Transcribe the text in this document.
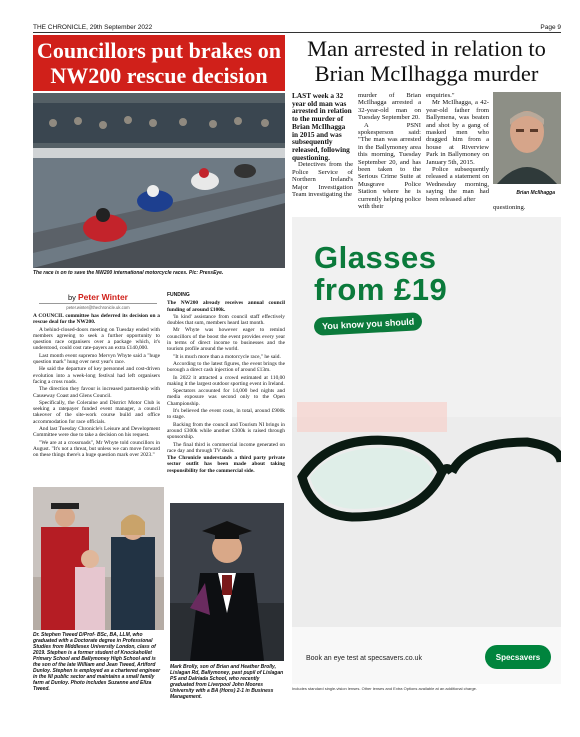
THE CHRONICLE, 29th September 2022	Page 9
Councillors put brakes on NW200 rescue decision
The race is on to save the NW200 international motorcycle races. Pic: PressEye.
by Peter Winter
peter.winter@thechronicle.uk.com

A COUNCIL committee has deferred its decision on a rescue deal for the NW200.

A behind-closed-doors meeting on Tuesday ended with members agreeing to seek a further opportunity to question race organisers over a package which, it's understood, could cost rate-payers an extra £140,000.

Last month event supremo Mervyn Whyte said a "huge question mark" hung over next year's race.

He said the departure of key personnel and cost-driven evolution into a week-long festival had left organisers facing a cross roads.

The direction they favour is increased partnership with Causeway Coast and Glens Council.

Specifically, the Coleraine and District Motor Club is seeking a ratepayer funded event manager, a council takeover of the site-work course build and office accommodation for race officials.

And last Tuesday Chronicle's Leisure and Development Committee were due to take a decision on his request.

"We are at a crossroads", Mr Whyte told councillors in August. "It's not a threat, but unless we can move forward on these things there's a huge question mark over 2023."

FUNDING

The NW200 already receives annual council funding of around £100k.

'In kind' assistance from council staff effectively doubles that sum, members heard last month.

Mr Whyte was however eager to remind councillors of the boost the event provides every year in terms of direct income to businesses and the tourism profile around the world.

"It is much more than a motorcycle race," he said.

According to the latest figures, the event brings the borough a direct cash injection of around £13m.

In 2022 it attracted a crowd estimated at 110,00 making it the largest outdoor sporting event in Ireland.

Spectators accounted for 14,000 bed nights and media exposure was second only to the Open Championship.

It's believed the event costs, in total, around £900k to stage.

Backing from the council and Tourism NI brings in around £300k while another £300k is raised through sponsorship.

The final third is commercial income generated on race day and through TV deals.

The Chronicle understands a third party private sector outfit has been made about taking responsibility for the commercial side.

Dr. Stephen Tweed D/Prof- BSc, BA, LLM, who graduated with a Doctorate degree in Professional Studies from Middlesex University London, class of 2019. Stephen is a former student of Knockahollet Primary School and Ballymoney High School and is the son of the late William and Jean Tweed, Artiford Dunloy. Stephen is employed as a chartered engineer in the NI public sector and maintains a small family farm at Dunloy. Photo includes Suzanne and Eliza Tweed.
Mark Brolly, son of Brian and Heather Brolly, Lislagan Rd, Ballymoney, past pupil of Lislagan PS and Dalriada School, who recently graduated from Liverpool John Moores University with a BA (Hons) 2-1 in Business Management.
Man arrested in relation to Brian McIlhagga murder

LAST week a 32 year old man was arrested in relation to the murder of Brian McIlhagga in 2015 and was subsequently released, following questioning.

Detectives from the Police Service of Northern Ireland's Major Investigation Team investigating the

murder of Brian McIlhagga arrested a 32-year-old man on Tuesday September 20.

A PSNI spokesperson said: "The man was arrested in the Ballymoney area this morning, Tuesday September 20, and has been taken to the Serious Crime Suite at Musgrave Police Station where he is currently helping police with their

enquiries."

Mr McIlhagga, a 42-year-old father from Ballymena, was beaten and shot by a gang of masked men who dragged him from a house at Riverview Park in Ballymoney on January 5th, 2015.

Police subsequently released a statement on Wednesday morning, saying the man had been released after

Brian McIlhagga
questioning.
Glasses
from £19
You know you should
Book an eye test at specsavers.co.uk	Specsavers
Includes standard single-vision lenses. Other lenses and Extra Options available at an additional charge.
